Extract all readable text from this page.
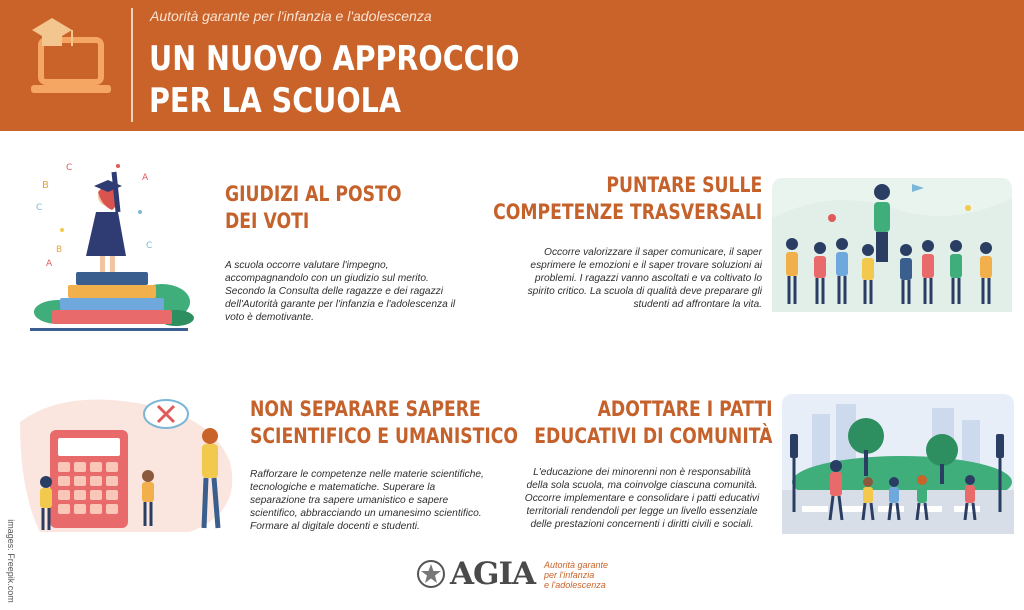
Autorità garante per l'infanzia e l'adolescenza
UN NUOVO APPROCCIO
PER LA SCUOLA
B
C
C
B
A
A
C
GIUDIZI AL POSTO
DEI VOTI
A scuola occorre valutare l'impegno,
accompagnandolo con un giudizio sul merito.
Secondo la Consulta delle ragazze e dei ragazzi
dell'Autorità garante per l'infanzia e l'adolescenza il
voto è demotivante.
PUNTARE SULLE
COMPETENZE TRASVERSALI
Occorre valorizzare il saper comunicare, il saper
esprimere le emozioni e il saper trovare soluzioni ai
problemi. I ragazzi vanno ascoltati e va coltivato lo
spirito critico. La scuola di qualità deve preparare gli
studenti ad affrontare la vita.
NON SEPARARE SAPERE
SCIENTIFICO E UMANISTICO
Rafforzare le competenze nelle materie scientifiche,
tecnologiche e matematiche. Superare la
separazione tra sapere umanistico e sapere
scientifico, abbracciando un umanesimo scientifico.
Formare al digitale docenti e studenti.
ADOTTARE I PATTI
EDUCATIVI DI COMUNITÀ
L'educazione dei minorenni non è responsabilità
della sola scuola, ma coinvolge ciascuna comunità.
Occorre implementare e consolidare i patti educativi
territoriali rendendoli per legge un livello essenziale
delle prestazioni concernenti i diritti civili e sociali.
images: Freepik.com	AGIA Autorità garante
per l'infanzia
e l'adolescenza
